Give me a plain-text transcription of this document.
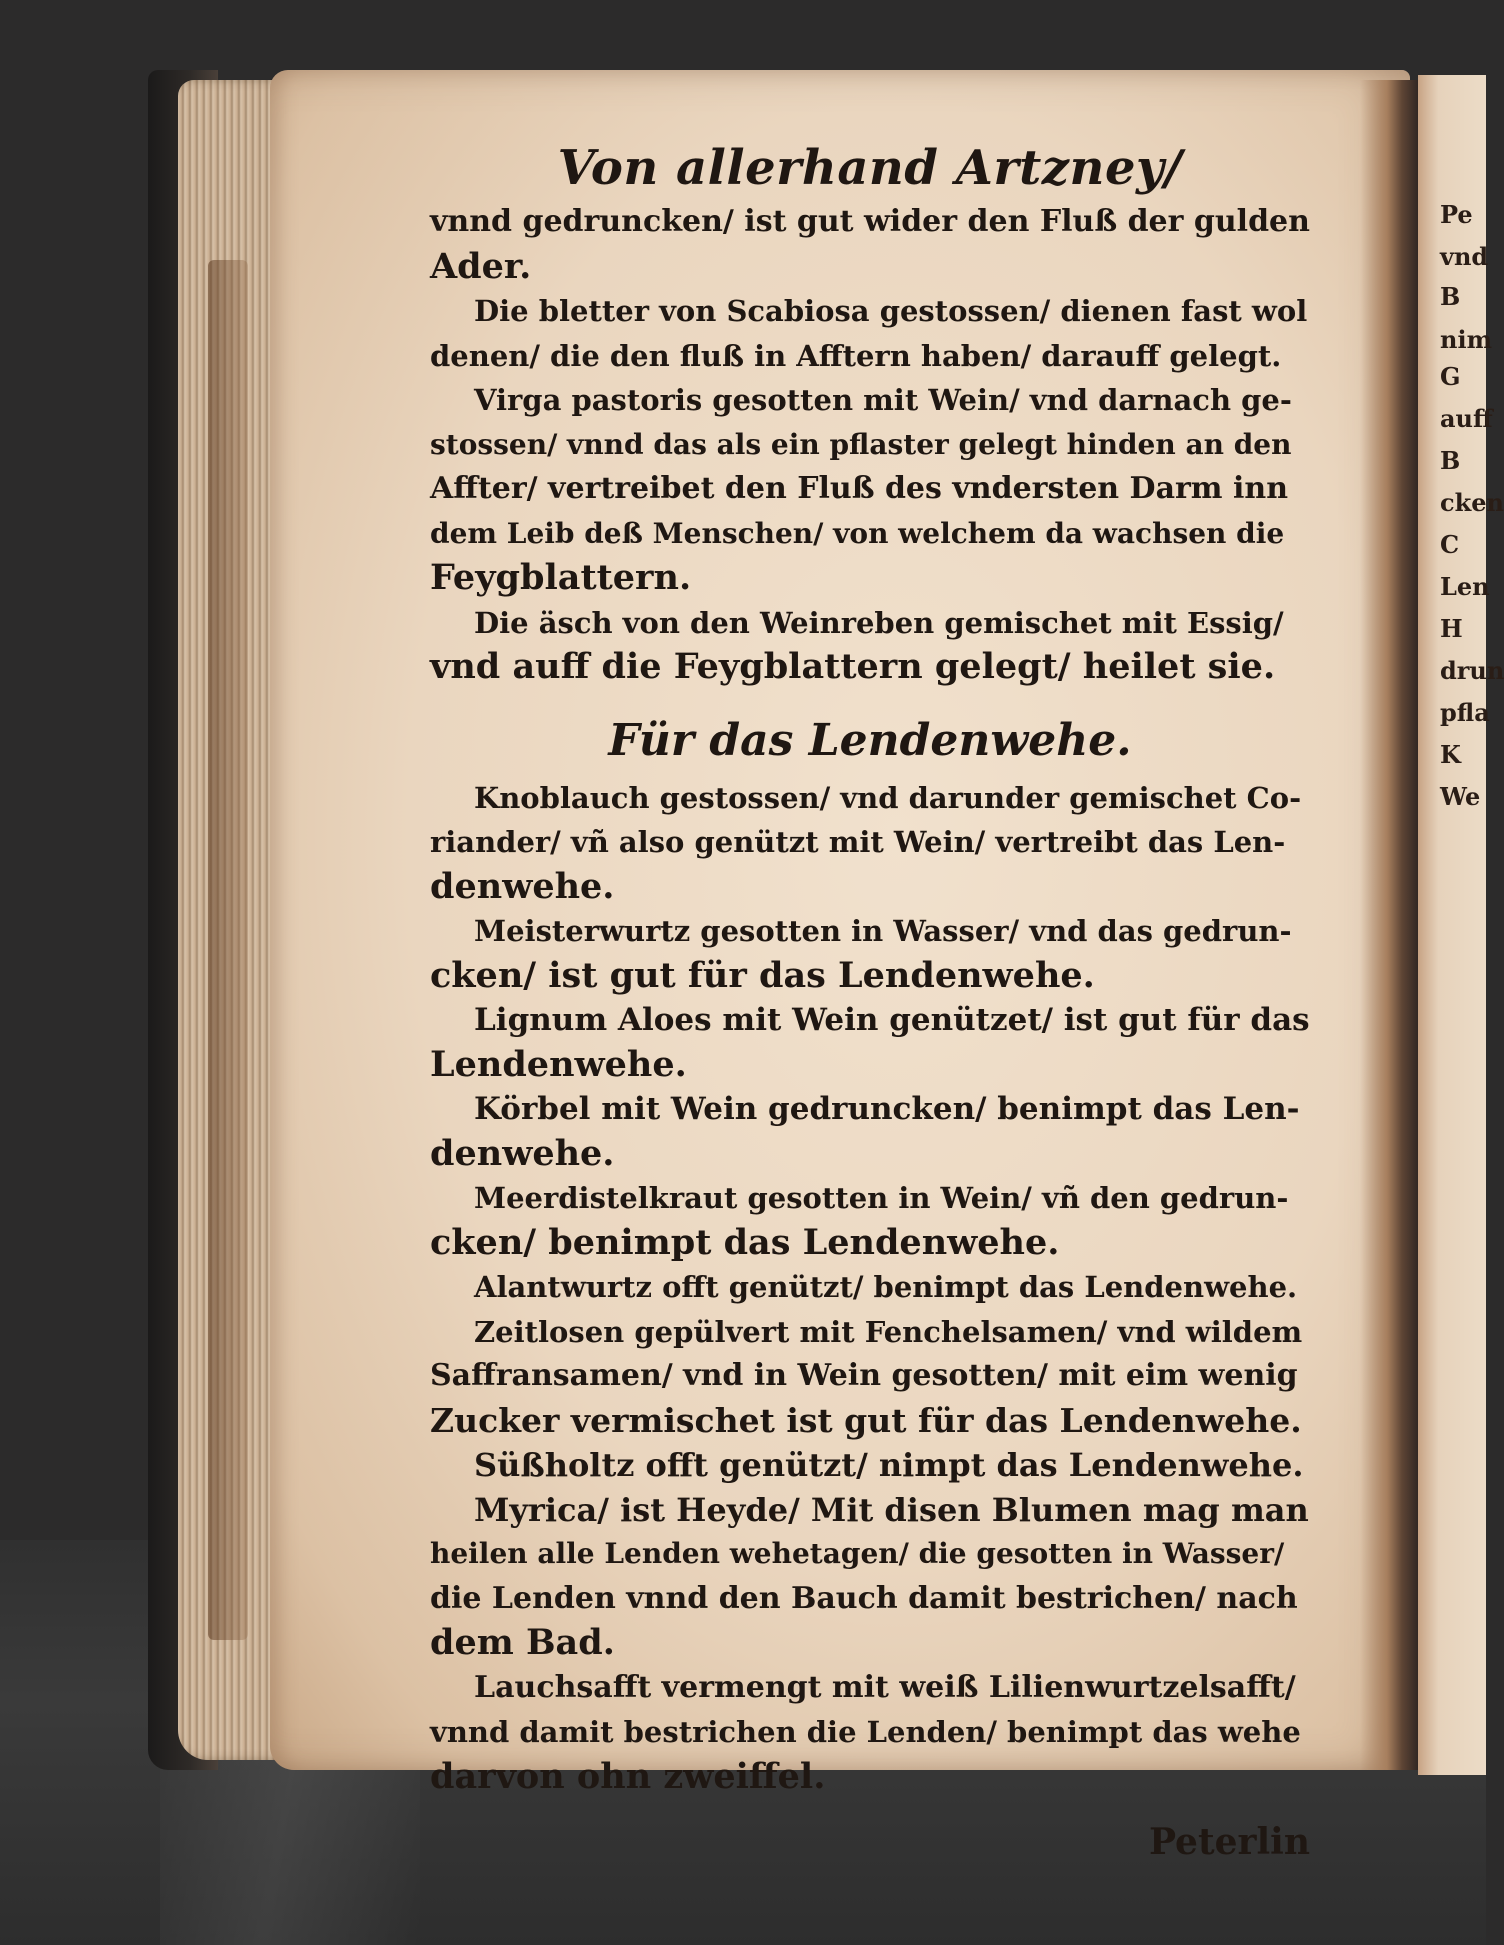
Pe
vnd
B
nim
G
auff
B
cken
C
Len
H
drun
pfla
K
We
Von allerhand Artzney/
vnnd gedruncken/ ist gut wider den Fluß der gulden
Ader.
Die bletter von Scabiosa gestossen/ dienen fast wol
denen/ die den fluß in Afftern haben/ darauff gelegt.
Virga pastoris gesotten mit Wein/ vnd darnach ge-
stossen/ vnnd das als ein pflaster gelegt hinden an den
Affter/ vertreibet den Fluß des vndersten Darm inn
dem Leib deß Menschen/ von welchem da wachsen die
Feygblattern.
Die äsch von den Weinreben gemischet mit Essig/
vnd auff die Feygblattern gelegt/ heilet sie.
Für das Lendenwehe.
Knoblauch gestossen/ vnd darunder gemischet Co-
riander/ vñ also genützt mit Wein/ vertreibt das Len-
denwehe.
Meisterwurtz gesotten in Wasser/ vnd das gedrun-
cken/ ist gut für das Lendenwehe.
Lignum Aloes mit Wein genützet/ ist gut für das
Lendenwehe.
Körbel mit Wein gedruncken/ benimpt das Len-
denwehe.
Meerdistelkraut gesotten in Wein/ vñ den gedrun-
cken/ benimpt das Lendenwehe.
Alantwurtz offt genützt/ benimpt das Lendenwehe.
Zeitlosen gepülvert mit Fenchelsamen/ vnd wildem
Saffransamen/ vnd in Wein gesotten/ mit eim wenig
Zucker vermischet ist gut für das Lendenwehe.
Süßholtz offt genützt/ nimpt das Lendenwehe.
Myrica/ ist Heyde/ Mit disen Blumen mag man
heilen alle Lenden wehetagen/ die gesotten in Wasser/
die Lenden vnnd den Bauch damit bestrichen/ nach
dem Bad.
Lauchsafft vermengt mit weiß Lilienwurtzelsafft/
vnnd damit bestrichen die Lenden/ benimpt das wehe
darvon ohn zweiffel.
Peterlin
